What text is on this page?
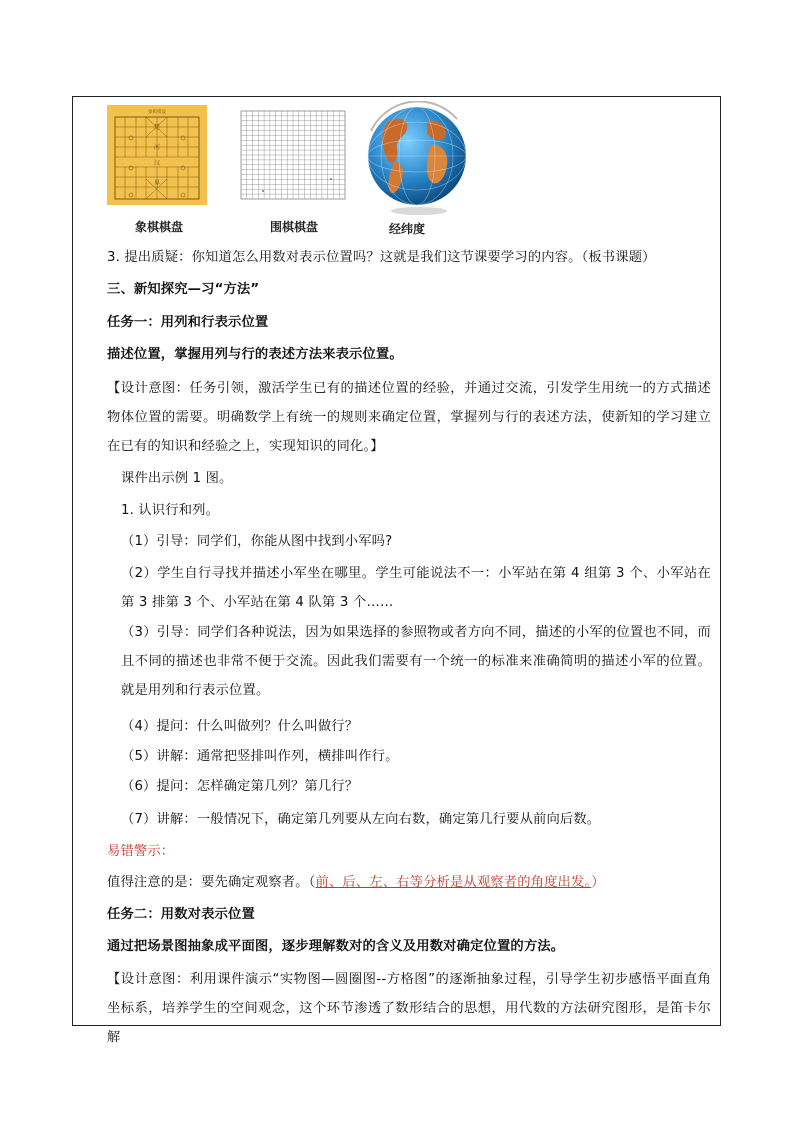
象棋棋盘
楚
河
汉
界
象棋棋盘	围棋棋盘	经纬度
3. 提出质疑：你知道怎么用数对表示位置吗？这就是我们这节课要学习的内容。（板书课题）
三、新知探究—习“方法”
任务一：用列和行表示位置
描述位置，掌握用列与行的表述方法来表示位置。
【设计意图：任务引领，激活学生已有的描述位置的经验，并通过交流，引发学生用统一的方式描述物体位置的需要。明确数学上有统一的规则来确定位置，掌握列与行的表述方法，使新知的学习建立在已有的知识和经验之上，实现知识的同化。】
课件出示例 1 图。
1. 认识行和列。
（1）引导：同学们，你能从图中找到小军吗?
（2）学生自行寻找并描述小军坐在哪里。学生可能说法不一：小军站在第 4 组第 3 个、小军站在第 3 排第 3 个、小军站在第 4 队第 3 个……
（3）引导：同学们各种说法，因为如果选择的参照物或者方向不同，描述的小军的位置也不同，而且不同的描述也非常不便于交流。因此我们需要有一个统一的标准来准确简明的描述小军的位置。就是用列和行表示位置。
（4）提问：什么叫做列？什么叫做行？
（5）讲解：通常把竖排叫作列，横排叫作行。
（6）提问：怎样确定第几列？第几行？
（7）讲解：一般情况下，确定第几列要从左向右数，确定第几行要从前向后数。
易错警示：
值得注意的是：要先确定观察者。（前、后、左、右等分析是从观察者的角度出发。）
任务二：用数对表示位置
通过把场景图抽象成平面图，逐步理解数对的含义及用数对确定位置的方法。
【设计意图：利用课件演示“实物图—圆圈图--方格图”的逐渐抽象过程，引导学生初步感悟平面直角坐标系，培养学生的空间观念，这个环节渗透了数形结合的思想，用代数的方法研究图形，是笛卡尔解
